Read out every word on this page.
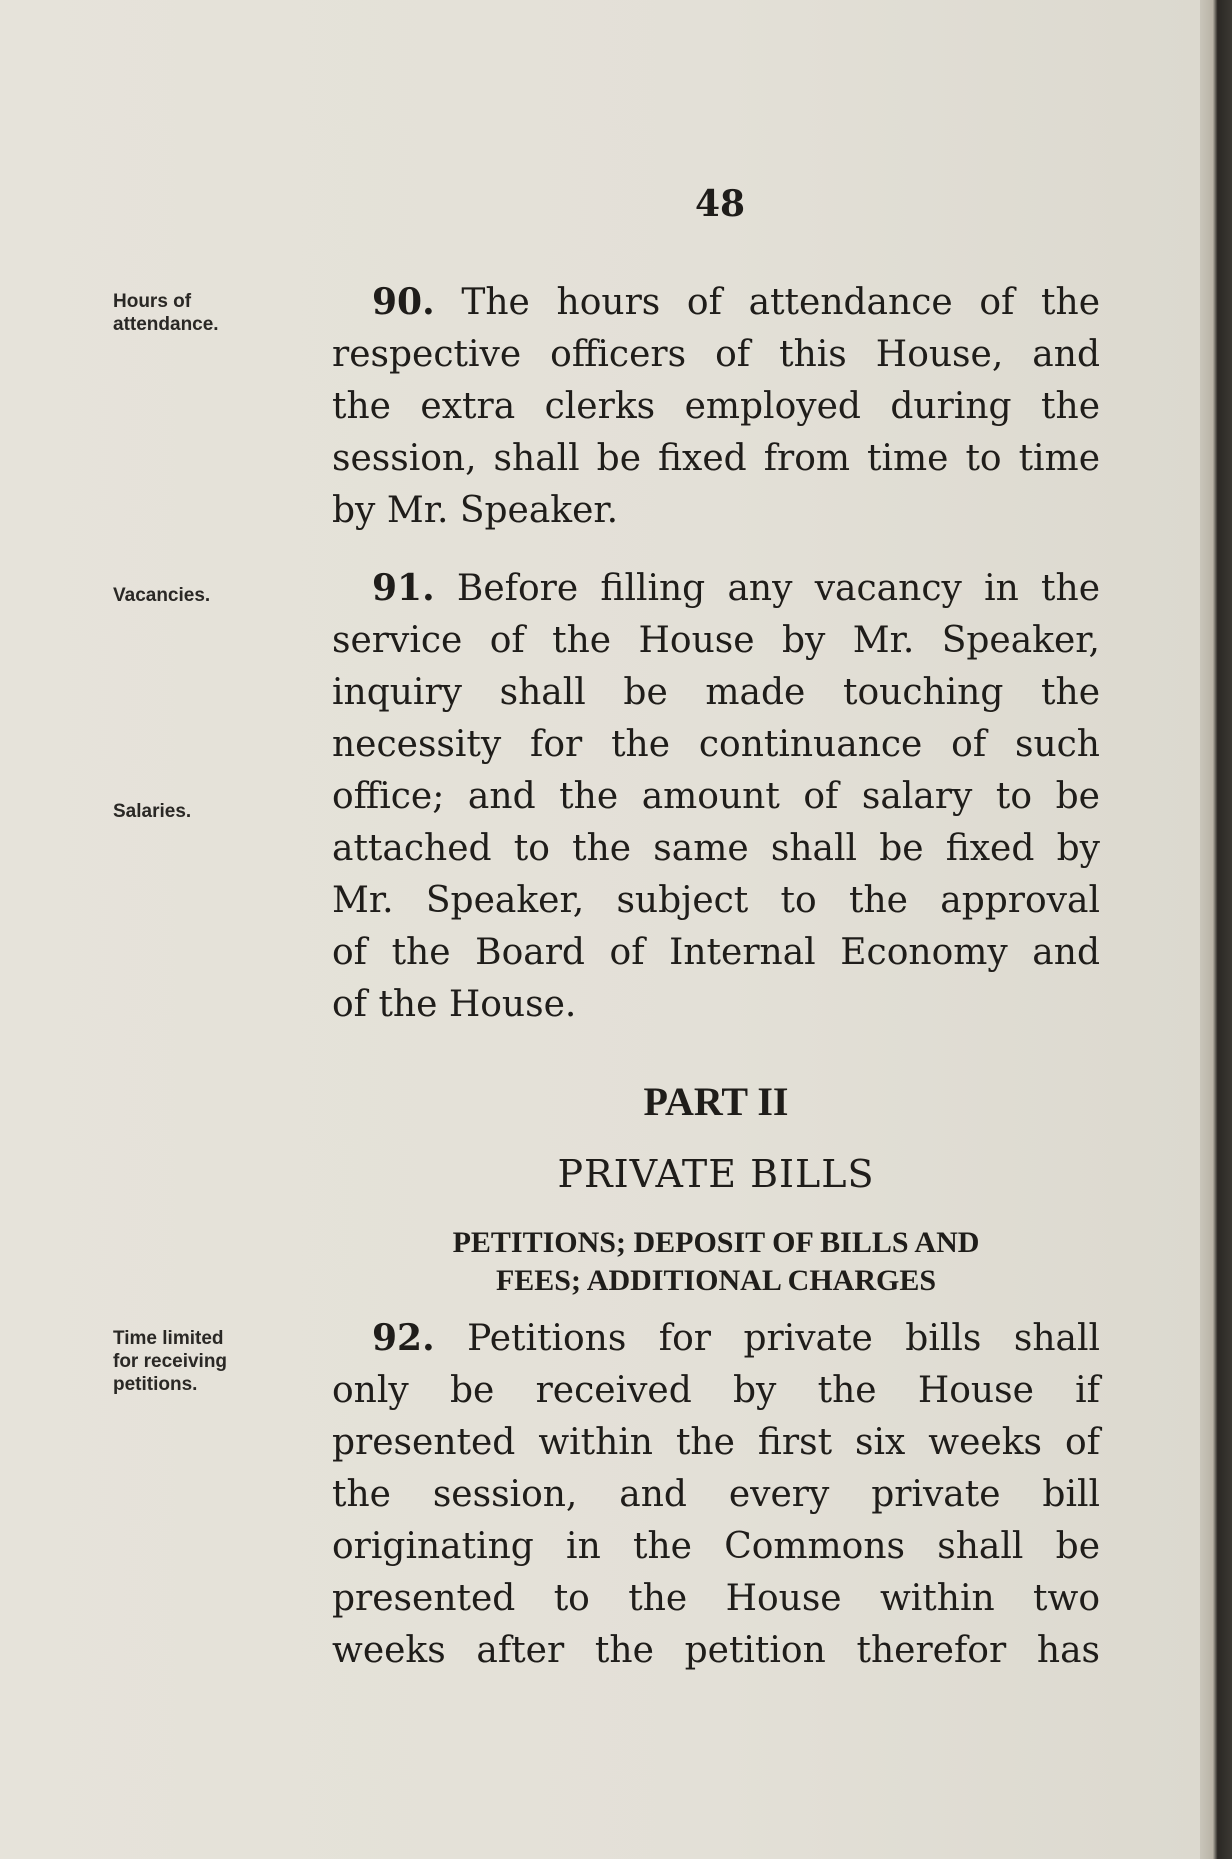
48
Hours of
attendance.
Vacancies.
Salaries.
Time limited
for receiving
petitions.
90. The hours of attendance of the
respective officers of this House, and
the extra clerks employed during the
session, shall be fixed from time to time
by Mr. Speaker.
91. Before filling any vacancy in the
service of the House by Mr. Speaker,
inquiry shall be made touching the
necessity for the continuance of such
office; and the amount of salary to be
attached to the same shall be fixed by
Mr. Speaker, subject to the approval
of the Board of Internal Economy and
of the House.
PART II
PRIVATE BILLS
PETITIONS; DEPOSIT OF BILLS AND
FEES; ADDITIONAL CHARGES
92. Petitions for private bills shall
only be received by the House if
presented within the first six weeks of
the session, and every private bill
originating in the Commons shall be
presented to the House within two
weeks after the petition therefor has
